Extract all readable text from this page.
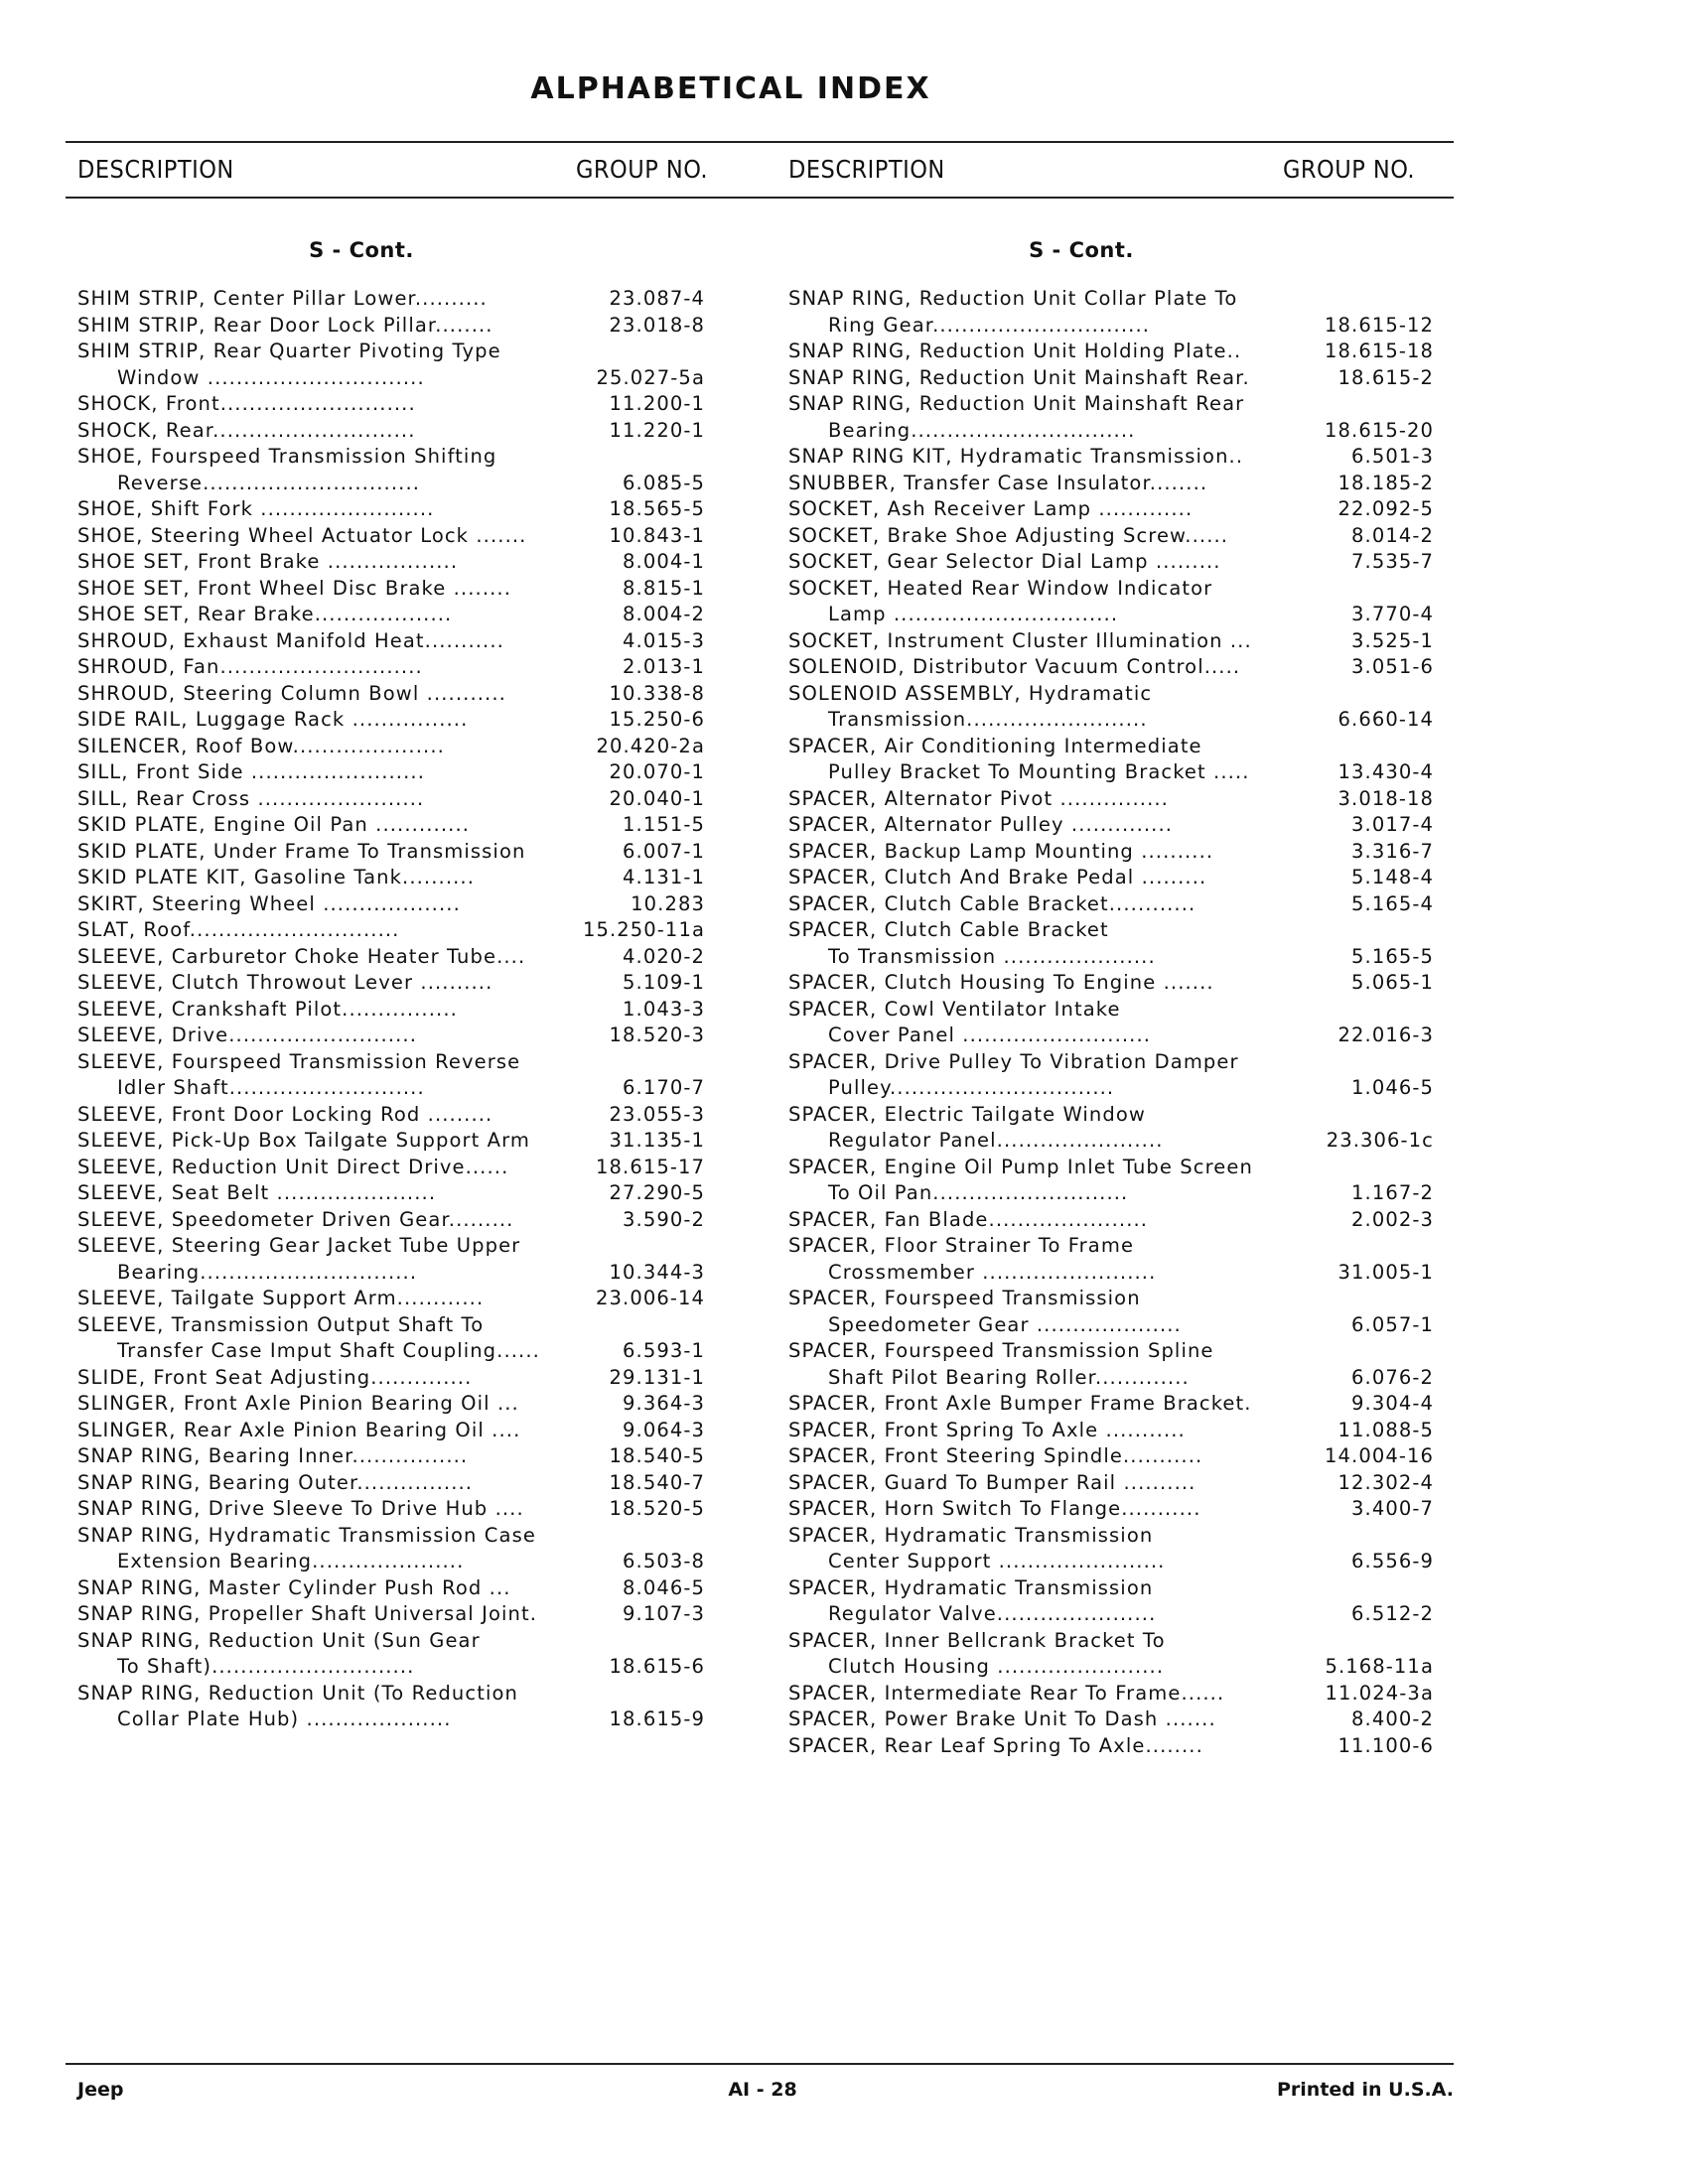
ALPHABETICAL INDEX
DESCRIPTION	GROUP NO.	DESCRIPTION	GROUP NO.
S - Cont.
SHIM STRIP, Center Pillar Lower..........	23.087-4
SHIM STRIP, Rear Door Lock Pillar........	23.018-8
SHIM STRIP, Rear Quarter Pivoting Type
Window ..............................	25.027-5a
SHOCK, Front...........................	11.200-1
SHOCK, Rear............................	11.220-1
SHOE, Fourspeed Transmission Shifting
Reverse..............................	6.085-5
SHOE, Shift Fork ........................	18.565-5
SHOE, Steering Wheel Actuator Lock .......	10.843-1
SHOE SET, Front Brake ..................	8.004-1
SHOE SET, Front Wheel Disc Brake ........	8.815-1
SHOE SET, Rear Brake...................	8.004-2
SHROUD, Exhaust Manifold Heat...........	4.015-3
SHROUD, Fan............................	2.013-1
SHROUD, Steering Column Bowl ...........	10.338-8
SIDE RAIL, Luggage Rack ................	15.250-6
SILENCER, Roof Bow.....................	20.420-2a
SILL, Front Side ........................	20.070-1
SILL, Rear Cross .......................	20.040-1
SKID PLATE, Engine Oil Pan .............	1.151-5
SKID PLATE, Under Frame To Transmission	6.007-1
SKID PLATE KIT, Gasoline Tank..........	4.131-1
SKIRT, Steering Wheel ...................	10.283
SLAT, Roof.............................	15.250-11a
SLEEVE, Carburetor Choke Heater Tube....	4.020-2
SLEEVE, Clutch Throwout Lever ..........	5.109-1
SLEEVE, Crankshaft Pilot................	1.043-3
SLEEVE, Drive..........................	18.520-3
SLEEVE, Fourspeed Transmission Reverse
Idler Shaft...........................	6.170-7
SLEEVE, Front Door Locking Rod .........	23.055-3
SLEEVE, Pick-Up Box Tailgate Support Arm	31.135-1
SLEEVE, Reduction Unit Direct Drive......	18.615-17
SLEEVE, Seat Belt ......................	27.290-5
SLEEVE, Speedometer Driven Gear.........	3.590-2
SLEEVE, Steering Gear Jacket Tube Upper
Bearing..............................	10.344-3
SLEEVE, Tailgate Support Arm............	23.006-14
SLEEVE, Transmission Output Shaft To
Transfer Case Imput Shaft Coupling......	6.593-1
SLIDE, Front Seat Adjusting..............	29.131-1
SLINGER, Front Axle Pinion Bearing Oil ...	9.364-3
SLINGER, Rear Axle Pinion Bearing Oil ....	9.064-3
SNAP RING, Bearing Inner................	18.540-5
SNAP RING, Bearing Outer................	18.540-7
SNAP RING, Drive Sleeve To Drive Hub ....	18.520-5
SNAP RING, Hydramatic Transmission Case
Extension Bearing.....................	6.503-8
SNAP RING, Master Cylinder Push Rod ...	8.046-5
SNAP RING, Propeller Shaft Universal Joint.	9.107-3
SNAP RING, Reduction Unit (Sun Gear
To Shaft)............................	18.615-6
SNAP RING, Reduction Unit (To Reduction
Collar Plate Hub) ....................	18.615-9
S - Cont.
SNAP RING, Reduction Unit Collar Plate To
Ring Gear..............................	18.615-12
SNAP RING, Reduction Unit Holding Plate..	18.615-18
SNAP RING, Reduction Unit Mainshaft Rear.	18.615-2
SNAP RING, Reduction Unit Mainshaft Rear
Bearing...............................	18.615-20
SNAP RING KIT, Hydramatic Transmission..	6.501-3
SNUBBER, Transfer Case Insulator........	18.185-2
SOCKET, Ash Receiver Lamp .............	22.092-5
SOCKET, Brake Shoe Adjusting Screw......	8.014-2
SOCKET, Gear Selector Dial Lamp .........	7.535-7
SOCKET, Heated Rear Window Indicator
Lamp ...............................	3.770-4
SOCKET, Instrument Cluster Illumination ...	3.525-1
SOLENOID, Distributor Vacuum Control.....	3.051-6
SOLENOID ASSEMBLY, Hydramatic
Transmission.........................	6.660-14
SPACER, Air Conditioning Intermediate
Pulley Bracket To Mounting Bracket .....	13.430-4
SPACER, Alternator Pivot ...............	3.018-18
SPACER, Alternator Pulley ..............	3.017-4
SPACER, Backup Lamp Mounting ..........	3.316-7
SPACER, Clutch And Brake Pedal .........	5.148-4
SPACER, Clutch Cable Bracket............	5.165-4
SPACER, Clutch Cable Bracket
To Transmission .....................	5.165-5
SPACER, Clutch Housing To Engine .......	5.065-1
SPACER, Cowl Ventilator Intake
Cover Panel ..........................	22.016-3
SPACER, Drive Pulley To Vibration Damper
Pulley...............................	1.046-5
SPACER, Electric Tailgate Window
Regulator Panel.......................	23.306-1c
SPACER, Engine Oil Pump Inlet Tube Screen
To Oil Pan...........................	1.167-2
SPACER, Fan Blade......................	2.002-3
SPACER, Floor Strainer To Frame
Crossmember ........................	31.005-1
SPACER, Fourspeed Transmission
Speedometer Gear ....................	6.057-1
SPACER, Fourspeed Transmission Spline
Shaft Pilot Bearing Roller.............	6.076-2
SPACER, Front Axle Bumper Frame Bracket.	9.304-4
SPACER, Front Spring To Axle ...........	11.088-5
SPACER, Front Steering Spindle...........	14.004-16
SPACER, Guard To Bumper Rail ..........	12.302-4
SPACER, Horn Switch To Flange...........	3.400-7
SPACER, Hydramatic Transmission
Center Support .......................	6.556-9
SPACER, Hydramatic Transmission
Regulator Valve......................	6.512-2
SPACER, Inner Bellcrank Bracket To
Clutch Housing .......................	5.168-11a
SPACER, Intermediate Rear To Frame......	11.024-3a
SPACER, Power Brake Unit To Dash .......	8.400-2
SPACER, Rear Leaf Spring To Axle........	11.100-6
Jeep	AI - 28	Printed in U.S.A.
